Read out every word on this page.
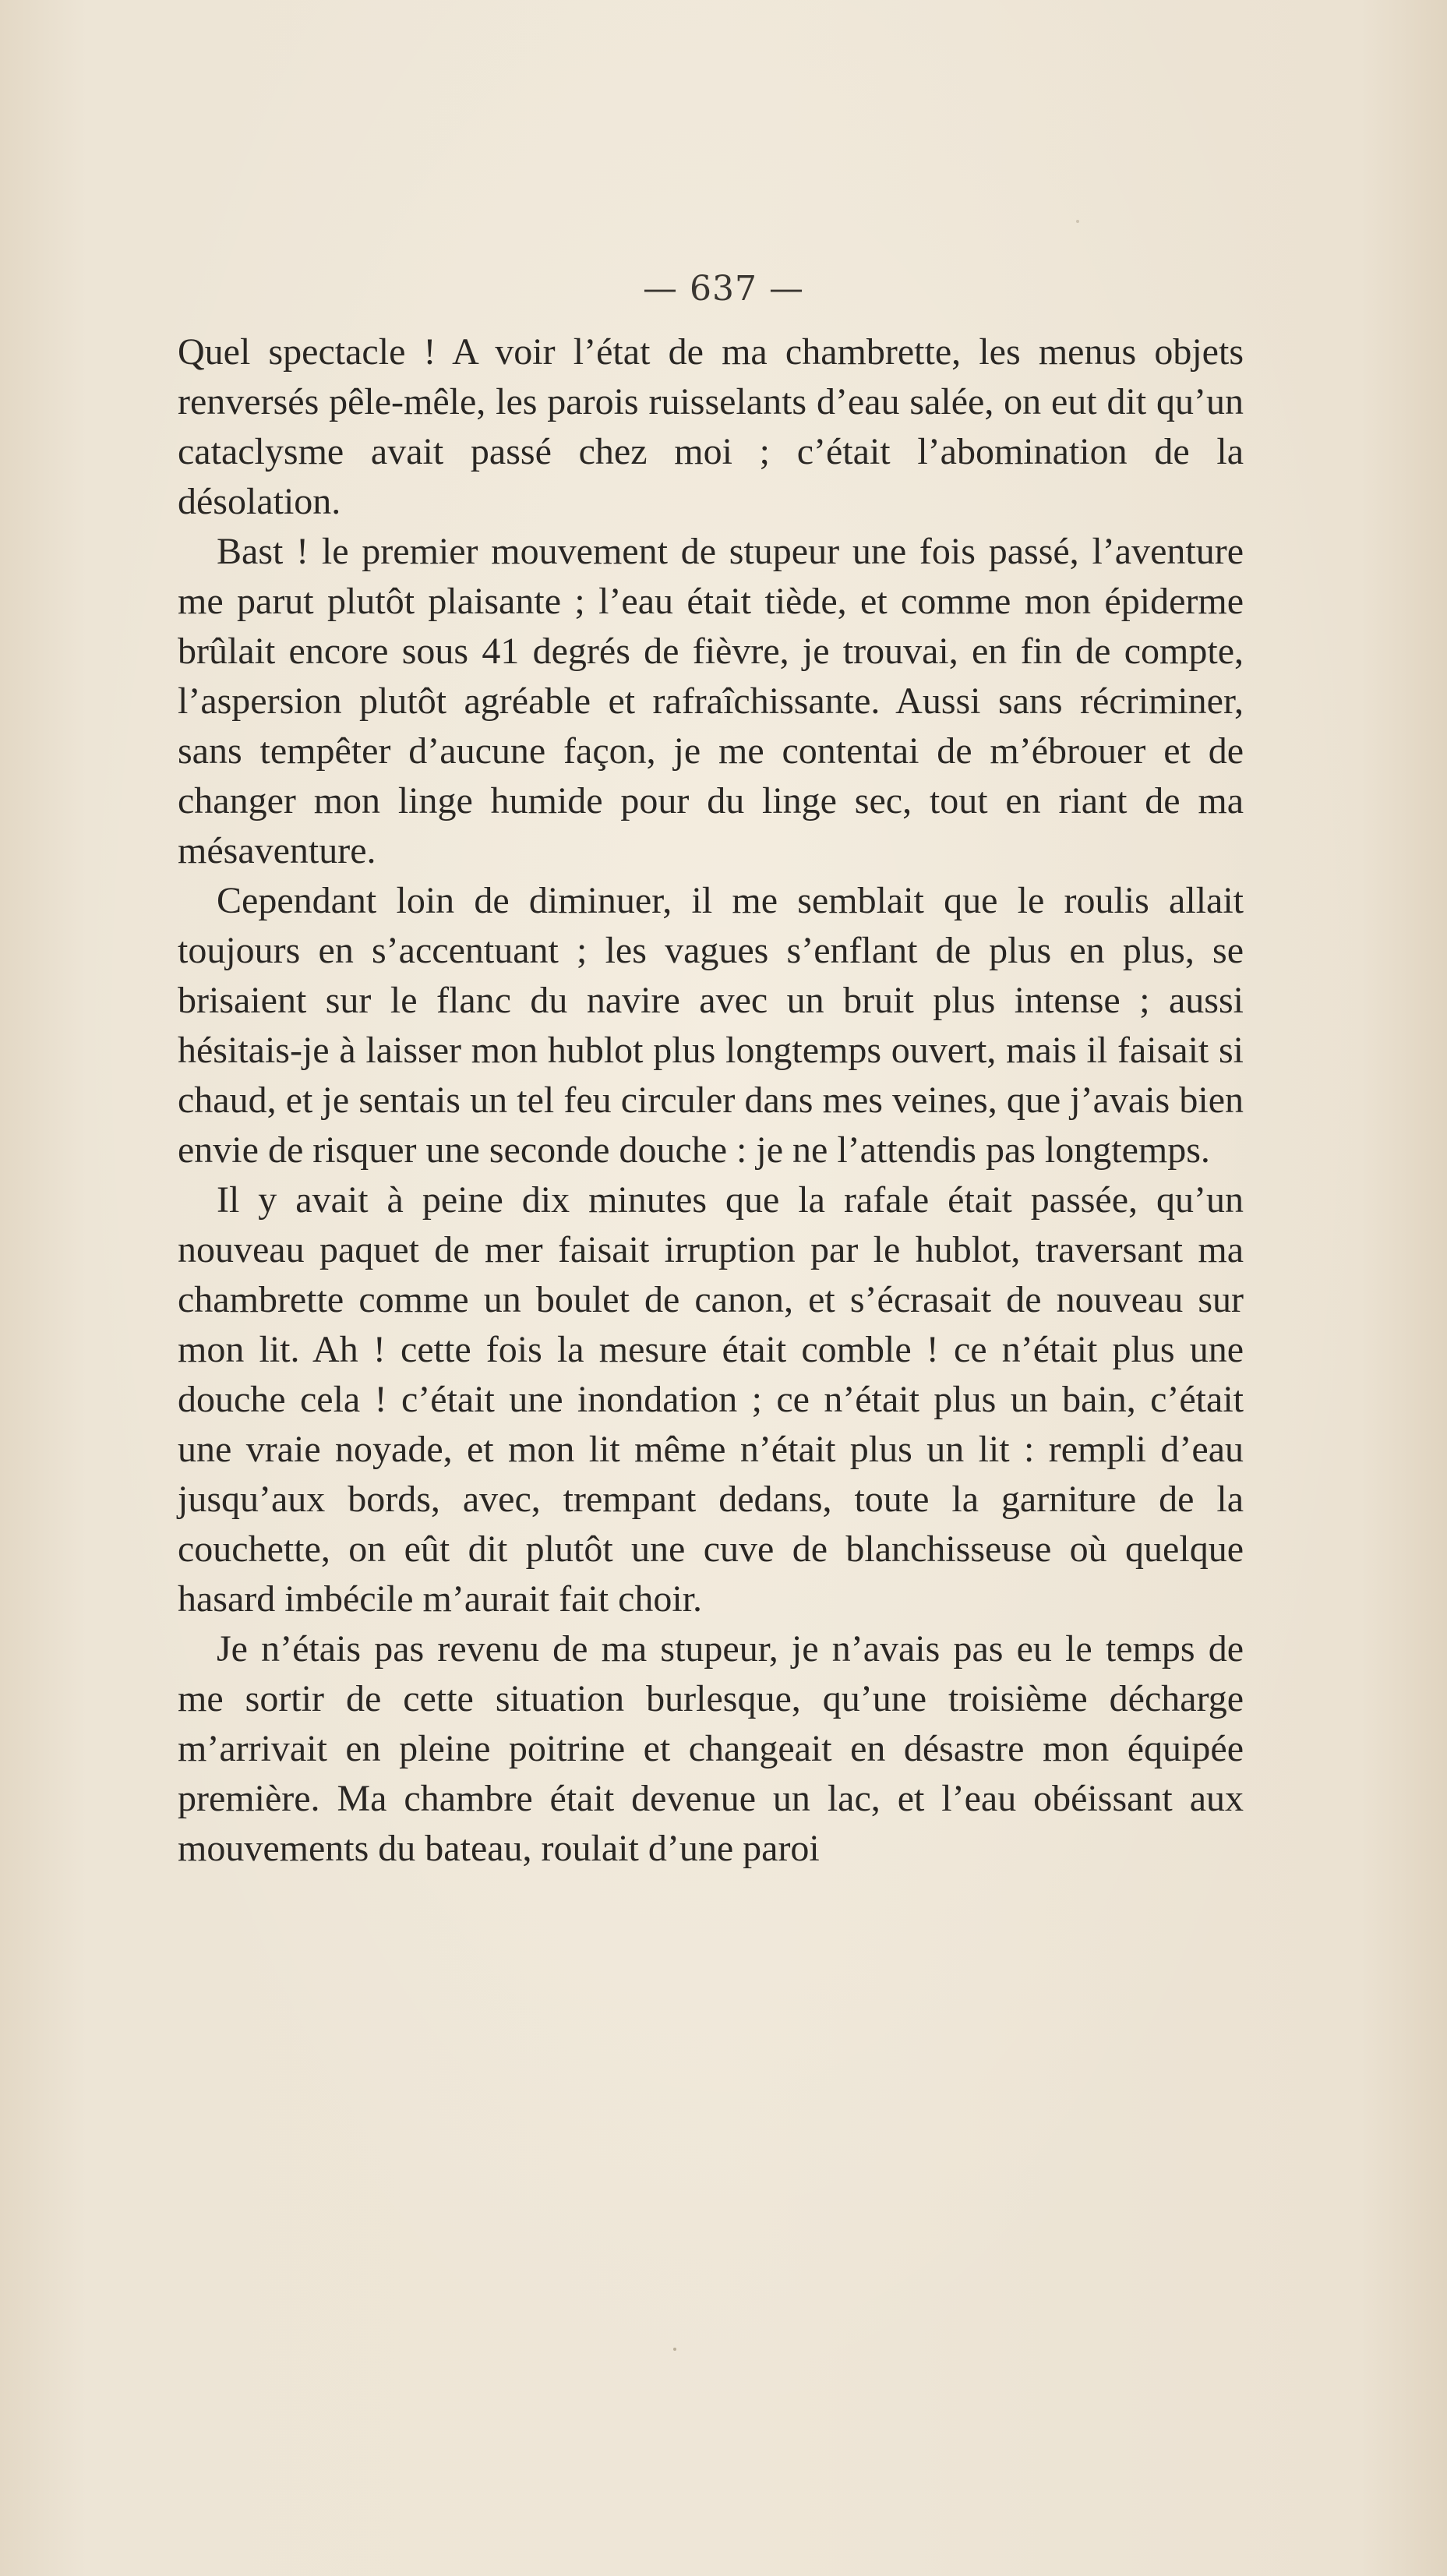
— 637 —

Quel spectacle ! A voir l’état de ma chambrette, les menus objets renversés pêle-mêle, les parois ruisselants d’eau salée, on eut dit qu’un cataclysme avait passé chez moi ; c’était l’abomination de la désolation.

Bast ! le premier mouvement de stupeur une fois passé, l’aventure me parut plutôt plaisante ; l’eau était tiède, et comme mon épiderme brûlait encore sous 41 degrés de fièvre, je trouvai, en fin de compte, l’aspersion plutôt agréable et rafraîchissante. Aussi sans récriminer, sans tempêter d’aucune façon, je me contentai de m’ébrouer et de changer mon linge humide pour du linge sec, tout en riant de ma mésaventure.

Cependant loin de diminuer, il me semblait que le roulis allait toujours en s’accentuant ; les vagues s’enflant de plus en plus, se brisaient sur le flanc du navire avec un bruit plus intense ; aussi hésitais-je à laisser mon hublot plus longtemps ouvert, mais il faisait si chaud, et je sentais un tel feu circuler dans mes veines, que j’avais bien envie de risquer une seconde douche : je ne l’attendis pas longtemps.

Il y avait à peine dix minutes que la rafale était passée, qu’un nouveau paquet de mer faisait irruption par le hublot, traversant ma chambrette comme un boulet de canon, et s’écrasait de nouveau sur mon lit. Ah ! cette fois la mesure était comble ! ce n’était plus une douche cela ! c’était une inondation ; ce n’était plus un bain, c’était une vraie noyade, et mon lit même n’était plus un lit : rempli d’eau jusqu’aux bords, avec, trempant dedans, toute la garniture de la couchette, on eût dit plutôt une cuve de blanchisseuse où quelque hasard imbécile m’aurait fait choir.

Je n’étais pas revenu de ma stupeur, je n’avais pas eu le temps de me sortir de cette situation burlesque, qu’une troisième décharge m’arrivait en pleine poitrine et changeait en désastre mon équipée première. Ma chambre était devenue un lac, et l’eau obéissant aux mouvements du bateau, roulait d’une paroi
